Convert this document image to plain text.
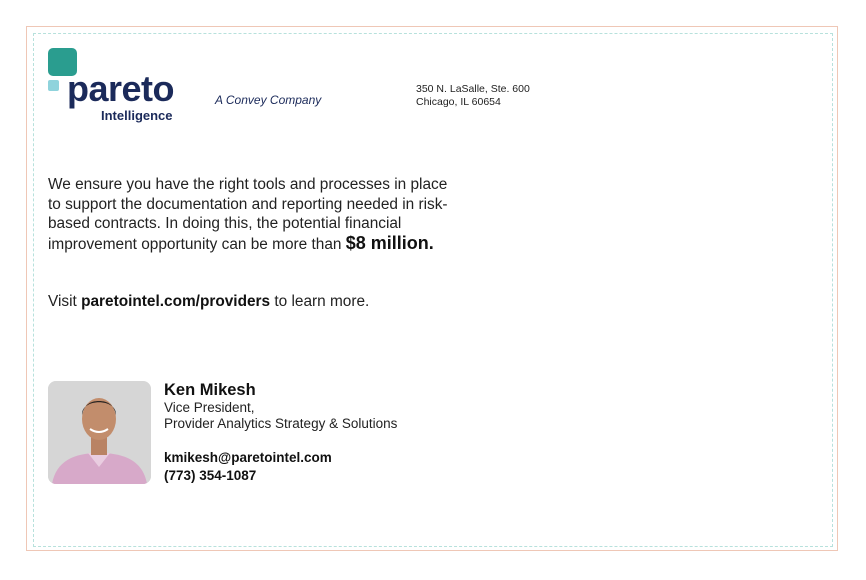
pareto
Intelligence
A Convey Company
350 N. LaSalle, Ste. 600
Chicago, IL 60654

We ensure you have the right tools and processes in place to support the documentation and reporting needed in risk-based contracts. In doing this, the potential financial improvement opportunity can be more than $8 million.

Visit paretointel.com/providers to learn more.

Ken Mikesh
Vice President,
Provider Analytics Strategy & Solutions
kmikesh@paretointel.com
(773) 354-1087
